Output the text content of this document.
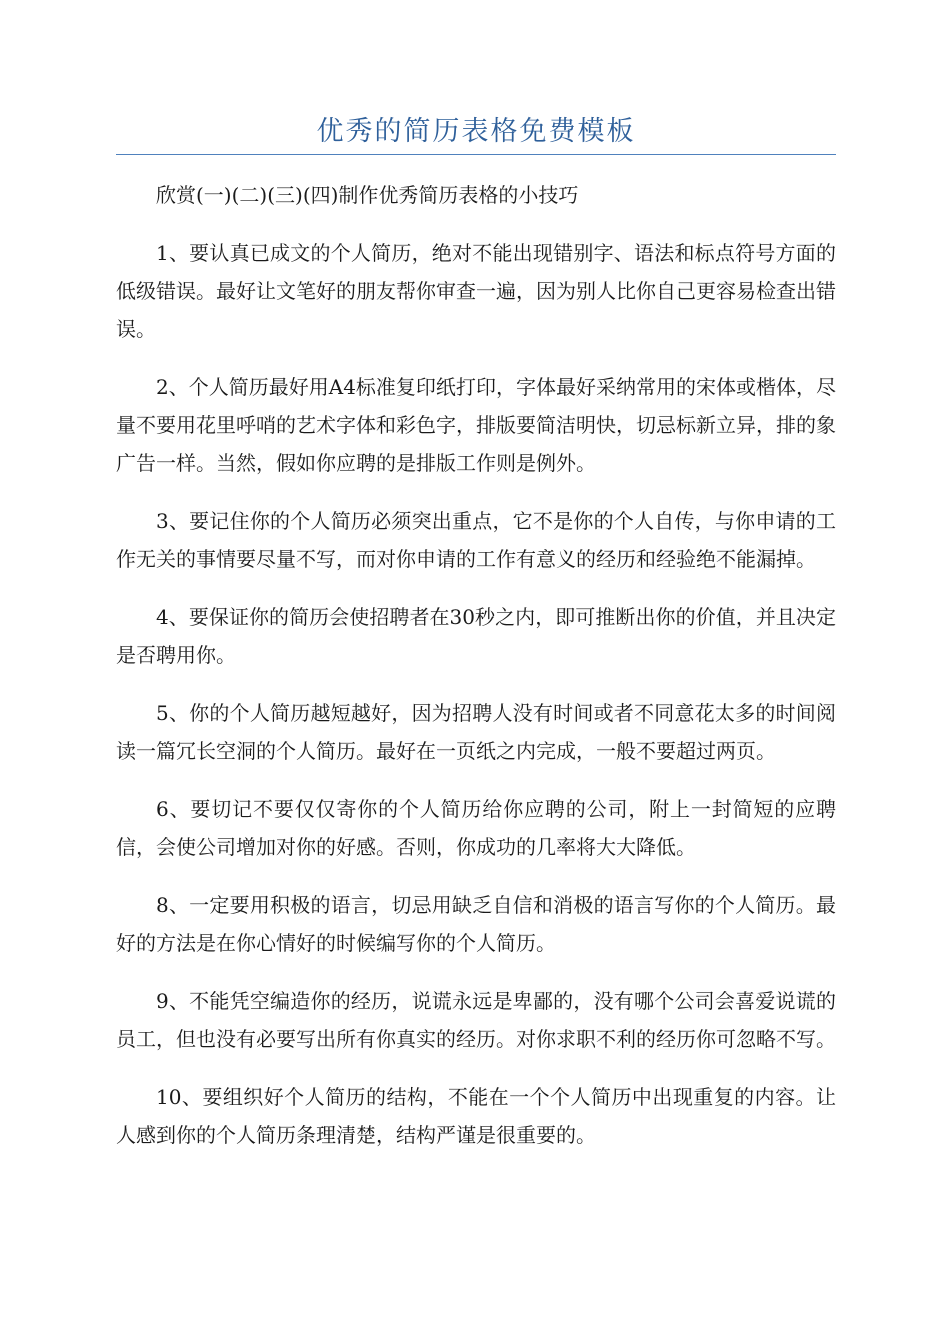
优秀的简历表格免费模板

欣赏(一)(二)(三)(四)制作优秀简历表格的小技巧

1、要认真已成文的个人简历，绝对不能出现错别字、语法和标点符号方面的低级错误。最好让文笔好的朋友帮你审查一遍，因为别人比你自己更容易检查出错误。

2、个人简历最好用A4标准复印纸打印，字体最好采纳常用的宋体或楷体，尽量不要用花里呼哨的艺术字体和彩色字，排版要简洁明快，切忌标新立异，排的象广告一样。当然，假如你应聘的是排版工作则是例外。

3、要记住你的个人简历必须突出重点，它不是你的个人自传，与你申请的工作无关的事情要尽量不写，而对你申请的工作有意义的经历和经验绝不能漏掉。

4、要保证你的简历会使招聘者在30秒之内，即可推断出你的价值，并且决定是否聘用你。

5、你的个人简历越短越好，因为招聘人没有时间或者不同意花太多的时间阅读一篇冗长空洞的个人简历。最好在一页纸之内完成，一般不要超过两页。

6、要切记不要仅仅寄你的个人简历给你应聘的公司，附上一封简短的应聘信，会使公司增加对你的好感。否则，你成功的几率将大大降低。

8、一定要用积极的语言，切忌用缺乏自信和消极的语言写你的个人简历。最好的方法是在你心情好的时候编写你的个人简历。

9、不能凭空编造你的经历，说谎永远是卑鄙的，没有哪个公司会喜爱说谎的员工，但也没有必要写出所有你真实的经历。对你求职不利的经历你可忽略不写。

10、要组织好个人简历的结构，不能在一个个人简历中出现重复的内容。让人感到你的个人简历条理清楚，结构严谨是很重要的。
